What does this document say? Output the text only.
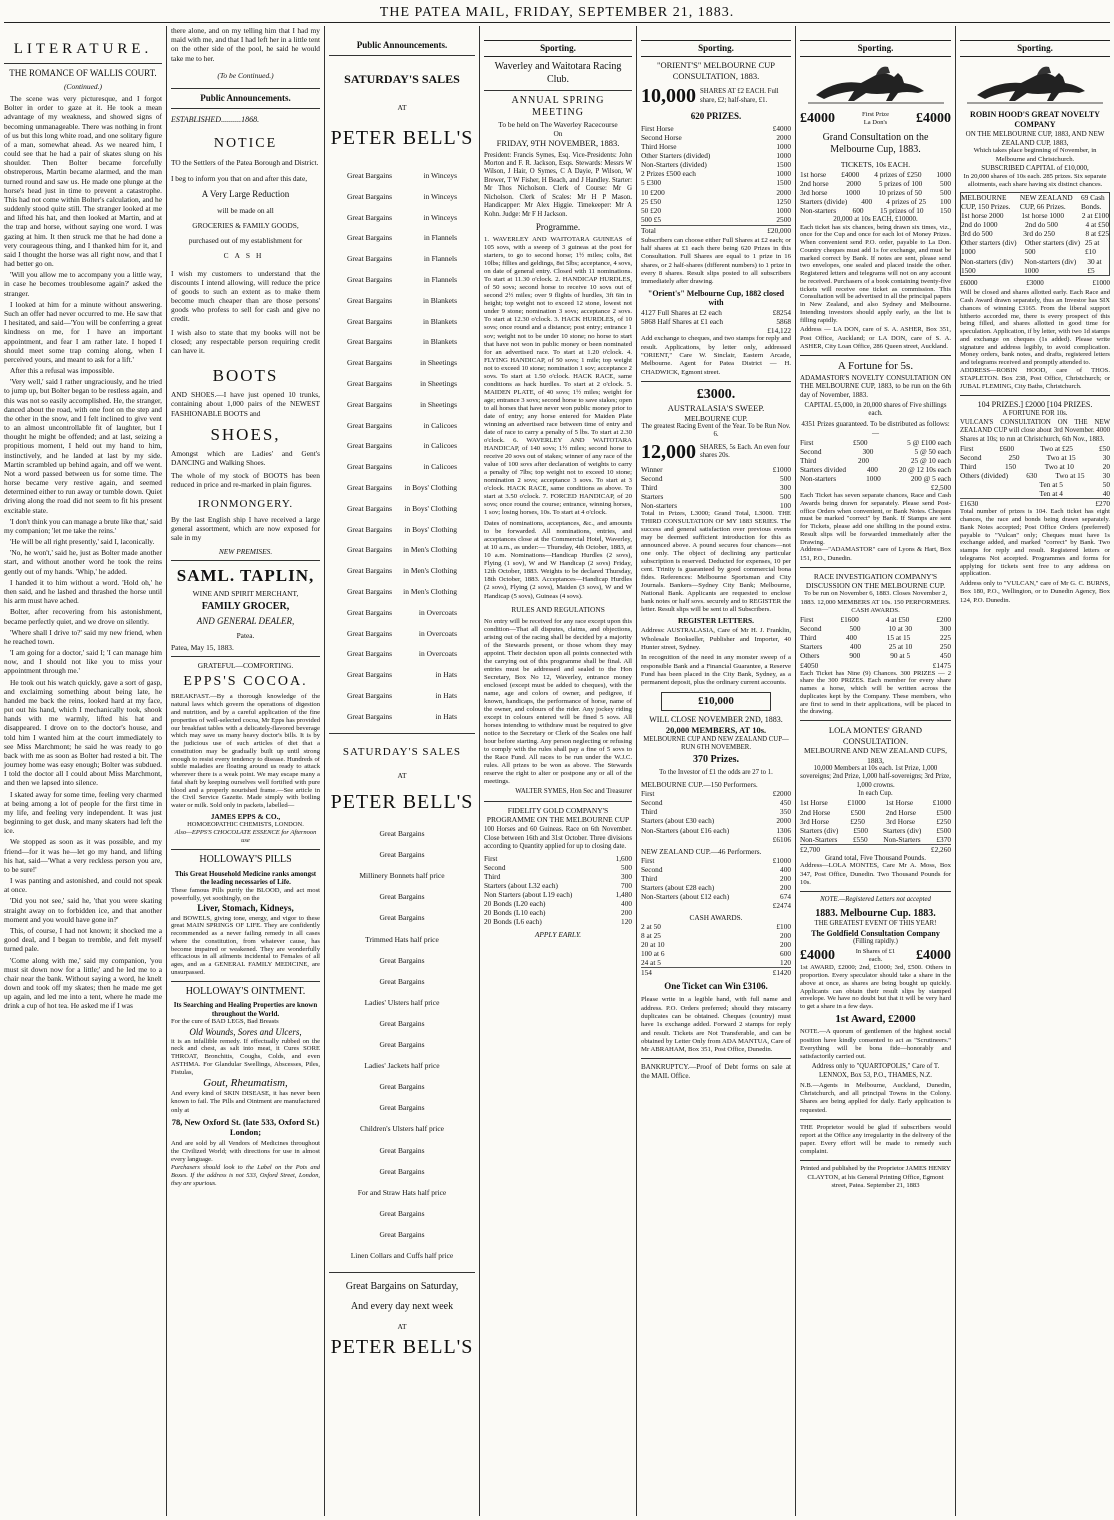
THE PATEA MAIL, FRIDAY, SEPTEMBER 21, 1883.
LITERATURE.
THE ROMANCE OF WALLIS COURT.
(Continued.)

The scene was very picturesque, and I forgot Bolter in order to gaze at it. He took a mean advantage of my weakness, and showed signs of becoming unmanageable. There was nothing in front of us but this long white road, and one solitary figure of a man, somewhat ahead. As we neared him, I could see that he had a pair of skates slung on his shoulder. Then Bolter became forcefully obstreperous, Martin became alarmed, and the man turned round and saw us. He made one plunge at the horse's head just in time to prevent a catastrophe. This had not come within Bolter's calculation, and he suddenly stood quite still. The stranger looked at me and lifted his hat, and then looked at Martin, and at the trap and horse, without saying one word. I was gazing at him. It then struck me that he had done a very courageous thing, and I thanked him for it, and said I thought the horse was all right now, and that I had better go on.

'Will you allow me to accompany you a little way, in case he becomes troublesome again?' asked the stranger.

I looked at him for a minute without answering. Such an offer had never occurred to me. He saw that I hesitated, and said—'You will be conferring a great kindness on me, for I have an important appointment, and fear I am rather late. I hoped I should meet some trap coming along, when I perceived yours, and meant to ask for a lift.'

After this a refusal was impossible.

'Very well,' said I rather ungraciously, and he tried to jump up, but Bolter began to be restless again, and this was not so easily accomplished. He, the stranger, danced about the road, with one foot on the step and the other in the snow, and I felt inclined to give vent to an almost uncontrollable fit of laughter, but I thought he might be offended; and at last, seizing a propitious moment, I held out my hand to him, instinctively, and he landed at last by my side. Martin scrambled up behind again, and off we went. Not a word passed between us for some time. The horse became very restive again, and seemed determined either to run away or tumble down. Quiet driving along the road did not seem to fit his present excitable state.

'I don't think you can manage a brute like that,' said my companion; 'let me take the reins.'

'He will be all right presently,' said I, laconically.

'No, he won't,' said he, just as Bolter made another start, and without another word he took the reins gently out of my hands. 'Whip,' he added.

I handed it to him without a word. 'Hold oh,' he then said, and he lashed and thrashed the horse until his arm must have ached.

Bolter, after recovering from his astonishment, became perfectly quiet, and we drove on silently.

'Where shall I drive to?' said my new friend, when he reached town.

'I am going for a doctor,' said I; 'I can manage him now, and I should not like you to miss your appointment through me.'

He took out his watch quickly, gave a sort of gasp, and exclaiming something about being late, he handed me back the reins, looked hard at my face, put out his hand, which I mechanically took, shook hands with me warmly, lifted his hat and disappeared. I drove on to the doctor's house, and told him I wanted him at the court immediately to see Miss Marchmont; he said he was ready to go back with me as soon as Bolter had rested a bit. The journey home was easy enough; Bolter was subdued. I told the doctor all I could about Miss Marchmont, and then we lapsed into silence.

I skated away for some time, feeling very charmed at being among a lot of people for the first time in my life, and feeling very independent. It was just beginning to get dusk, and many skaters had left the ice.

We stopped as soon as it was possible, and my friend—for it was he—let go my hand, and lifting his hat, said—'What a very reckless person you are, to be sure!'

I was panting and astonished, and could not speak at once.

'Did you not see,' said he, 'that you were skating straight away on to forbidden ice, and that another moment and you would have gone in?'

This, of course, I had not known; it shocked me a good deal, and I began to tremble, and felt myself turned pale.

'Come along with me,' said my companion, 'you must sit down now for a little;' and he led me to a chair near the bank. Without saying a word, he knelt down and took off my skates; then he made me get up again, and led me into a tent, where he made me drink a cup of hot tea. He asked me if I was

there alone, and on my telling him that I had my maid with me, and that I had left her in a little tent on the other side of the pool, he said he would take me to her.
(To be Continued.)
Public Announcements.
ESTABLISHED..........1868.
NOTICE
TO the Settlers of the Patea Borough and District.
I beg to inform you that on and after this date,
A Very Large Reduction
will be made on all
GROCERIES & FAMILY GOODS,
purchased out of my establishment for
CASH
I wish my customers to understand that the discounts I intend allowing, will reduce the price of goods to such an extent as to make them become much cheaper than are those persons' goods who profess to sell for cash and give no credit.
I wish also to state that my books will not be closed; any respectable person requiring credit can have it.
BOOTS
AND SHOES.—I have just opened 10 trunks, containing about 1,000 pairs of the NEWEST FASHIONABLE BOOTS and
SHOES,
Amongst which are Ladies' and Gent's DANCING and Walking Shoes.
The whole of my stock of BOOTS has been reduced in price and re-marked in plain figures.
IRONMONGERY.
By the last English ship I have received a large general assortment, which are now exposed for sale in my
NEW PREMISES.
SAML. TAPLIN,
WINE AND SPIRIT MERCHANT,
FAMILY GROCER,
AND GENERAL DEALER,
Patea.
Patea, May 15, 1883.
GRATEFUL—COMFORTING.
EPPS'S COCOA.
BREAKFAST.—By a thorough knowledge of the natural laws which govern the operations of digestion and nutrition, and by a careful application of the fine properties of well-selected cocoa, Mr Epps has provided our breakfast tables with a delicately-flavored beverage which may save us many heavy doctor's bills. It is by the judicious use of such articles of diet that a constitution may be gradually built up until strong enough to resist every tendency to disease. Hundreds of subtle maladies are floating around us ready to attack wherever there is a weak point. We may escape many a fatal shaft by keeping ourselves well fortified with pure blood and a properly nourished frame.—See article in the Civil Service Gazette. Made simply with boiling water or milk. Sold only in packets, labelled—
JAMES EPPS & CO.,
HOMOEOPATHIC CHEMISTS, LONDON.
Also—EPPS'S CHOCOLATE ESSENCE for Afternoon use
HOLLOWAY'S PILLS
This Great Household Medicine ranks amongst the leading necessaries of Life.
These famous Pills purify the BLOOD, and act most powerfully, yet soothingly, on the
Liver, Stomach, Kidneys,
and BOWELS, giving tone, energy, and vigor to these great MAIN SPRINGS OF LIFE. They are confidently recommended as a never failing remedy in all cases where the constitution, from whatever cause, has become impaired or weakened. They are wonderfully efficacious in all ailments incidental to Females of all ages, and as a GENERAL FAMILY MEDICINE, are unsurpassed.
HOLLOWAY'S OINTMENT.
Its Searching and Healing Properties are known throughout the World.
For the cure of BAD LEGS, Bad Breasts
Old Wounds, Sores and Ulcers,
it is an infallible remedy. If effectually rubbed on the neck and chest, as salt into meat, it Cures SORE THROAT, Bronchitis, Coughs, Colds, and even ASTHMA. For Glandular Swellings, Abscesses, Piles, Fistulas,
Gout, Rheumatism,
And every kind of SKIN DISEASE, it has never been known to fail. The Pills and Ointment are manufactured only at
78, New Oxford St. (late 533, Oxford St.) London;
And are sold by all Vendors of Medicines throughout the Civilized World; with directions for use in almost every language.
Purchasers should look to the Label on the Pots and Boxes. If the address is not 533, Oxford Street, London, they are spurious.
Public Announcements.
SATURDAY'S SALES
AT
PETER BELL'S
Great Bargains	in Winceys
Great Bargains	in Winceys
Great Bargains	in Winceys
Great Bargains	in Flannels
Great Bargains	in Flannels
Great Bargains	in Flannels
Great Bargains	in Blankets
Great Bargains	in Blankets
Great Bargains	in Blankets
Great Bargains	in Sheetings
Great Bargains	in Sheetings
Great Bargains	in Sheetings
Great Bargains	in Calicoes
Great Bargains	in Calicoes
Great Bargains	in Calicoes
Great Bargains in Boys' Clothing
Great Bargains in Boys' Clothing
Great Bargains in Boys' Clothing
Great Bargains in Men's Clothing
Great Bargains in Men's Clothing
Great Bargains in Men's Clothing
Great Bargains	in Overcoats
Great Bargains	in Overcoats
Great Bargains	in Overcoats
Great Bargains	in Hats
Great Bargains	in Hats
Great Bargains	in Hats
SATURDAY'S SALES
AT
PETER BELL'S
Great Bargains
Great Bargains
Millinery Bonnets half price
Great Bargains
Great Bargains
Trimmed Hats half price
Great Bargains
Great Bargains
Ladies' Ulsters half price
Great Bargains
Great Bargains
Ladies' Jackets half price
Great Bargains
Great Bargains
Children's Ulsters half price
Great Bargains
Great Bargains
For and Straw Hats half price
Great Bargains
Great Bargains
Linen Collars and Cuffs half price
Great Bargains on Saturday,
And every day next week
AT
PETER BELL'S
Sporting.
Waverley and Waitotara Racing Club.
ANNUAL SPRING MEETING
To be held on The Waverley Racecourse
On
FRIDAY, 9TH NOVEMBER, 1883.
President: Francis Symes, Esq. Vice-Presidents: John Morton and F. R. Jackson, Esqs. Stewards: Messrs W Wilson, J Hair, O Symes, C A Dayie, P Wilson, W Brewer, T W Fisher, H Beach, and J Handley. Starter: Mr Thos Nicholson. Clerk of Course: Mr G Nicholson. Clerk of Scales: Mr H P Mason. Handicapper: Mr Alex Higgie. Timekeeper: Mr A Kohn. Judge: Mr F H Jackson.
Programme.
1. WAVERLEY AND WAITOTARA GUINEAS of 105 sovs, with a sweep of 3 guineas at the post for starters, to go to second horse; 1½ miles; colts, 8st 10lbs; fillies and geldings, 8st 5lbs; acceptance, 4 sovs, on date of general entry. Closed with 11 nominations. To start at 11.30 o'clock. 2. HANDICAP HURDLES, of 50 sovs; second horse to receive 10 sovs out of second 2½ miles; over 9 flights of hurdles, 3ft 6in in height; top weight not to exceed 12 stone, lowest not under 9 stone; nomination 3 sovs; acceptance 2 sovs. To start at 12.30 o'clock. 3. HACK HURDLES, of 10 sovs; once round and a distance; post entry; entrance 1 sov; weight not to be under 10 stone; no horse to start that have not won in public money or been nominated for an advertised race. To start at 1.20 o'clock. 4. FLYING HANDICAP, of 50 sovs; 1 mile; top weight not to exceed 10 stone; nomination 1 sov; acceptance 2 sovs. To start at 1.50 o'clock. HACK RACE, same conditions as hack hurdles. To start at 2 o'clock. 5. MAIDEN PLATE, of 40 sovs; 1½ miles; weight for age; entrance 3 sovs; second horse to save stakes; open to all horses that have never won public money prior to date of entry; any horse entered for Maiden Plate winning an advertised race between time of entry and date of race to carry a penalty of 5 lbs. To start at 2.30 o'clock. 6. WAVERLEY AND WAITOTARA HANDICAP, of 140 sovs; 1½ miles; second horse to receive 20 sovs out of stakes; winner of any race of the value of 100 sovs after declaration of weights to carry a penalty of 7lbs; top weight not to exceed 10 stone; nomination 2 sovs; acceptance 3 sovs. To start at 3 o'clock. HACK RACE, same conditions as above. To start at 3.50 o'clock. 7. FORCED HANDICAP, of 20 sovs; once round the course; entrance, winning horses, 1 sov; losing horses, 10s. To start at 4 o'clock.
Dates of nominations, acceptances, &c., and amounts to be forwarded. All nominations, entries, and acceptances close at the Commercial Hotel, Waverley, at 10 a.m., as under:— Thursday, 4th October, 1883, at 10 a.m. Nominations—Handicap Hurdles (2 sovs), Flying (1 sov), W and W Handicap (2 sovs) Friday, 12th October, 1883. Weights to be declared Thursday, 18th October, 1883. Acceptances—Handicap Hurdles (2 sovs), Flying (2 sovs), Maiden (3 sovs), W and W Handicap (5 sovs), Guineas (4 sovs).
RULES AND REGULATIONS
No entry will be received for any race except upon this condition—That all disputes, claims, and objections, arising out of the racing shall be decided by a majority of the Stewards present, or those whom they may appoint. Their decision upon all points connected with the carrying out of this programme shall be final. All entries must be addressed and sealed to the Hon Secretary, Box No 12, Waverley, entrance money enclosed (except must be added to cheques), with the name, age and colors of owner, and pedigree, if known, handicaps, the performance of horse, name of the owner, and colours of the rider. Any jockey riding except in colours entered will be fined 5 sovs. All horses intending to withdraw must be required to give notice to the Secretary or Clerk of the Scales one half hour before starting. Any person neglecting or refusing to comply with the rules shall pay a fine of 5 sovs to the Race Fund. All races to be run under the W.J.C. rules. All prizes to be won as above. The Stewards reserve the right to alter or postpone any or all of the meetings.
WALTER SYMES, Hon Sec and Treasurer
FIDELITY GOLD COMPANY'S PROGRAMME ON THE MELBOURNE CUP
100 Horses and 60 Guineas. Race on 6th November. Close between 16th and 31st October. Three divisions according to Quantity applied for up to closing date.
First	1,600
Second	500
Third	300
Starters (about L32 each)	700
Non Starters (about L19 each)	1,480
20 Bonds (L20 each)	400
20 Bonds (L10 each)	200
20 Bonds (L6 each)	120
APPLY EARLY.
Sporting.
"ORIENT'S" MELBOURNE CUP CONSULTATION, 1883.
10,000 SHARES AT £2 EACH. Full share, £2; half-share, £1.
620 PRIZES.
First Horse	£4000
Second Horse	2000
Third Horse	1000
Other Starters (divided)	1000
Non-Starters (divided)	1500
2 Prizes £500 each	1000
5 £300	1500
10 £200	2000
25 £50	1250
50 £20	1000
500 £5	2500
Total	£20,000
Subscribers can choose either Full Shares at £2 each; or half shares at £1 each there being 620 Prizes in this Consultation. Full Shares are equal to 1 prize in 16 shares, or 2 half-shares (different numbers) to 1 prize in every 8 shares. Result slips posted to all subscribers immediately after drawing.
"Orient's" Melbourne Cup, 1882 closed with
4127 Full Shares at £2 each	£8254
5868 Half Shares at £1 each	5868
£14,122
Add exchange to cheques, and two stamps for reply and result. Applications, by letter only, addressed "ORIENT," Care W. Sinclair, Eastern Arcade, Melbourne. Agent for Patea District — H. CHADWICK, Egmont street.
£3000.
AUSTRALASIA'S SWEEP.
MELBOURNE CUP.
The greatest Racing Event of the Year. To be Run Nov. 6.
12,000 SHARES, 5s Each. An even four shares 20s.
Winner	£1000
Second	500
Third	300
Starters	500
Non-starters	100
Total in Prizes, L3000; Grand Total, L3000. THE THIRD CONSULTATION OF MY 1883 SERIES. The success and general satisfaction over previous events may be deemed sufficient introduction for this as announced above. A pound secures four chances—not one only. The object of declining any particular subscription is reserved. Deducted for expenses, 10 per cent. Trinity is guaranteed by good commercial bona fides. References: Melbourne Sportsman and City Journals. Bankers—Sydney City Bank; Melbourne, National Bank. Applicants are requested to enclose bank notes or half sovs. securely and to REGISTER the letter. Result slips will be sent to all Subscribers.
REGISTER LETTERS.
Address: AUSTRALASIA, Care of Mr H. J. Franklin, Wholesale Bookseller, Publisher and Importer, 40 Hunter street, Sydney.
In recognition of the need in any monster sweep of a responsible Bank and a Financial Guarantee, a Reserve Fund has been placed in the City Bank, Sydney, as a permanent deposit, plus the ordinary current accounts.
£10,000
WILL CLOSE NOVEMBER 2ND, 1883.
20,000 MEMBERS, AT 10s.
MELBOURNE CUP AND NEW ZEALAND CUP—RUN 6TH NOVEMBER.
370 Prizes.
To the Investor of £1 the odds are 27 to 1.
MELBOURNE CUP.—150 Performers.
First	£2000
Second	450
Third	350
Starters (about £30 each)	2000
Non-Starters (about £16 each)	1306
£6106
NEW ZEALAND CUP.—46 Performers.
First	£1000
Second	400
Third	200
Starters (about £28 each)	200
Non-Starters (about £12 each)	674
£2474
CASH AWARDS.
2 at 50	£100
8 at 25	200
20 at 10	200
100 at 6	600
24 at 5	120
154	£1420
One Ticket can Win £3106.
Please write in a legible hand, with full name and address. P.O. Orders preferred; should they miscarry duplicates can be obtained. Cheques (country) must have 1s exchange added. Forward 2 stamps for reply and result. Tickets are Not Transferable, and can be obtained by Letter Only from ADA MANTUA, Care of Mr ABRAHAM, Box 351, Post Office, Dunedin.
BANKRUPTCY.—Proof of Debt forms on sale at the MAIL Office.
Sporting.
£4000	First Prize La Don's	£4000
Grand Consultation on the Melbourne Cup, 1883.
TICKETS, 10s EACH.
1st horse £4000 4 prizes of £250 1000
2nd horse 2000 5 prizes of 100 500
3rd horse 1000 10 prizes of 50 500
Starters (divide) 400 4 prizes of 25 100
Non-starters 600 15 prizes of 10 150
20,000 at 10s EACH, £10000.
Each ticket has six chances, being drawn six times, viz., once for the Cup and once for each lot of Money Prizes. When convenient send P.O. order, payable to La Don. Country cheques must add 1s for exchange, and must be marked correct by Bank. If notes are sent, please send two envelopes, one sealed and placed inside the other. Registered letters and telegrams will not on any account be received. Purchasers of a book containing twenty-five tickets will receive one ticket as commission. This Consultation will be advertised in all the principal papers in New Zealand, and also Sydney and Melbourne. Intending investors should apply early, as the list is filling rapidly.
Address — LA DON, care of S. A. ASHER, Box 351, Post Office, Auckland; or LA DON, care of S. A. ASHER, City Loan Office, 286 Queen street, Auckland.
A Fortune for 5s.
ADAMASTOR'S NOVELTY CONSULTATION ON THE MELBOURNE CUP, 1883, to be run on the 6th day of November, 1883.
CAPITAL £5,000, in 20,000 shares of Five shillings each.
4351 Prizes guaranteed. To be distributed as follows:—
First	£500	5 @ £100 each
Second	300	5 @ 50 each
Third	200	25 @ 10 each
Starters divided	400	20 @ 12 10s each
Non-starters	1000	200 @ 5 each
£2,500
Each Ticket has seven separate chances, Race and Cash Awards being drawn for separately. Please send Post-office Orders when convenient, or Bank Notes. Cheques must be marked "correct" by Bank. If Stamps are sent for Tickets, please add one shilling in the pound extra. Result slips will be forwarded immediately after the Drawing.
Address—"ADAMASTOR" care of Lyons & Hart, Box 151, P.O., Dunedin.
RACE INVESTIGATION COMPANY'S DISCUSSION ON THE MELBOURNE CUP.
To be run on November 6, 1883. Closes November 2, 1883. 12,000 MEMBERS AT 10s. 150 PERFORMERS. CASH AWARDS.
First	£1600	4 at £50	£200
Second	500	10 at 30	300
Third	400	15 at 15	225
Starters	400	25 at 10	250
Others	900	90 at 5	450
£4050	£1475
Each Ticket has Nine (9) Chances. 300 PRIZES — 2 share the 300 PRIZES. Each member for every share names a horse, which will be written across the duplicates kept by the Company. These members, who are first to send in their applications, will be placed in the drawing.
LOLA MONTES' GRAND CONSULTATION.
MELBOURNE AND NEW ZEALAND CUPS, 1883,
10,000 Members at 10s each. 1st Prize, 1,000 sovereigns; 2nd Prize, 1,000 half-sovereigns; 3rd Prize, 1,000 crowns.
In each Cup.
1st Horse	£1000	1st Horse	£1000
2nd Horse	£500	2nd Horse	£500
3rd Horse	£250	3rd Horse	£250
Starters (div) £500 Starters (div) £500
Non-Starters £550 Non-Starters £370
£2,700	£2,260
Grand total, Five Thousand Pounds.
Address—LOLA MONTES, Care Mr A. Moss, Box 347, Post Office, Dunedin. Two Thousand Pounds for 10s.
NOTE.—Registered Letters not accepted
1883. Melbourne Cup. 1883.
THE GREATEST EVENT OF THIS YEAR!
The Goldfield Consultation Company
(Filling rapidly.)
£4000	In Shares of £1 each.	£4000
1st AWARD, £2000; 2nd, £1000; 3rd, £500. Others in proportion. Every speculator should take a share in the above at once, as shares are being bought up quickly. Applicants can obtain their result slips by stamped envelope. We have no doubt but that it will be very hard to get a share in a few days.
1st Award, £2000
NOTE.—A quorum of gentlemen of the highest social position have kindly consented to act as "Scrutineers." Everything will be bona fide—honorably and satisfactorily carried out.
Address only to "QUARTOPOLIS," Care of T. LENNOX, Box 53, P.O., THAMES, N.Z.
N.B.—Agents in Melbourne, Auckland, Dunedin, Christchurch, and all principal Towns in the Colony. Shares are being applied for daily. Early application is requested.
THE Proprietor would be glad if subscribers would report at the Office any irregularity in the delivery of the paper. Every effort will be made to remedy such complaint.
Printed and published by the Proprietor JAMES HENRY CLAYTON, at his General Printing Office, Egmont street, Patea. September 21, 1883
Sporting.
ROBIN HOOD'S GREAT NOVELTY COMPANY
ON THE MELBOURNE CUP, 1883, AND NEW ZEALAND CUP, 1883,
Which takes place beginning of November, in Melbourne and Christchurch.
SUBSCRIBED CAPITAL of £10,000,
In 20,000 shares of 10s each. 285 prizes. Six separate allotments, each share having six distinct chances.
MELBOURNE CUP, 150 Prizes.
NEW ZEALAND CUP, 66 Prizes.
69 Cash Bonds.
1st horse 2000 1st horse 1000 2 at £100
2nd do 1000	2nd do 500	4 at £50
3rd do 500	3rd do 250	8 at £25
Other starters (div) 1000
Other starters (div) 500
25 at £10
Non-starters (div) 1500
Non-starters (div) 1000
30 at £5
£6000	£3000	£1000
Will be closed and shares allotted early. Each Race and Cash Award drawn separately, thus an Investor has SIX chances of winning £3165. From the liberal support hitherto accorded me, there is every prospect of this being filled, and shares allotted in good time for speculation. Application, if by letter, with two 1d stamps and exchange on cheques (1s added). Please write signature and address legibly, to avoid complication. Money orders, bank notes, and drafts, registered letters and telegrams received and promptly attended to.
ADDRESS—ROBIN HOOD, care of THOS. STAPLETON. Box 238, Post Office, Christchurch; or JUBAL FLEMING, City Baths, Christchurch.
104 PRIZES.] £2000 [104 PRIZES.
A FORTUNE FOR 10s.
VULCAN'S CONSULTATION ON THE NEW ZEALAND CUP will close about 3rd November. 4000 Shares at 10s; to run at Christchurch, 6th Nov., 1883.
First	£600	Two at £25	£50
Second	250	Two at 15	30
Third	150	Two at 10	20
Others (divided) 630 Two at 15 30
Ten at 5	50
Ten at 4	40
£1630	£270
Total number of prizes is 104. Each ticket has eight chances, the race and bonds being drawn separately. Bank Notes accepted; Post Office Orders (preferred) payable to "Vulcan" only; Cheques must have 1s exchange added, and marked "correct" by Bank. Two stamps for reply and result. Registered letters or telegrams Not accepted. Programmes and forms for applying for tickets sent free to any address on application.
Address only to "VULCAN," care of Mr G. C. BURNS, Box 180, P.O., Wellington, or to Dunedin Agency, Box 124, P.O. Dunedin.
